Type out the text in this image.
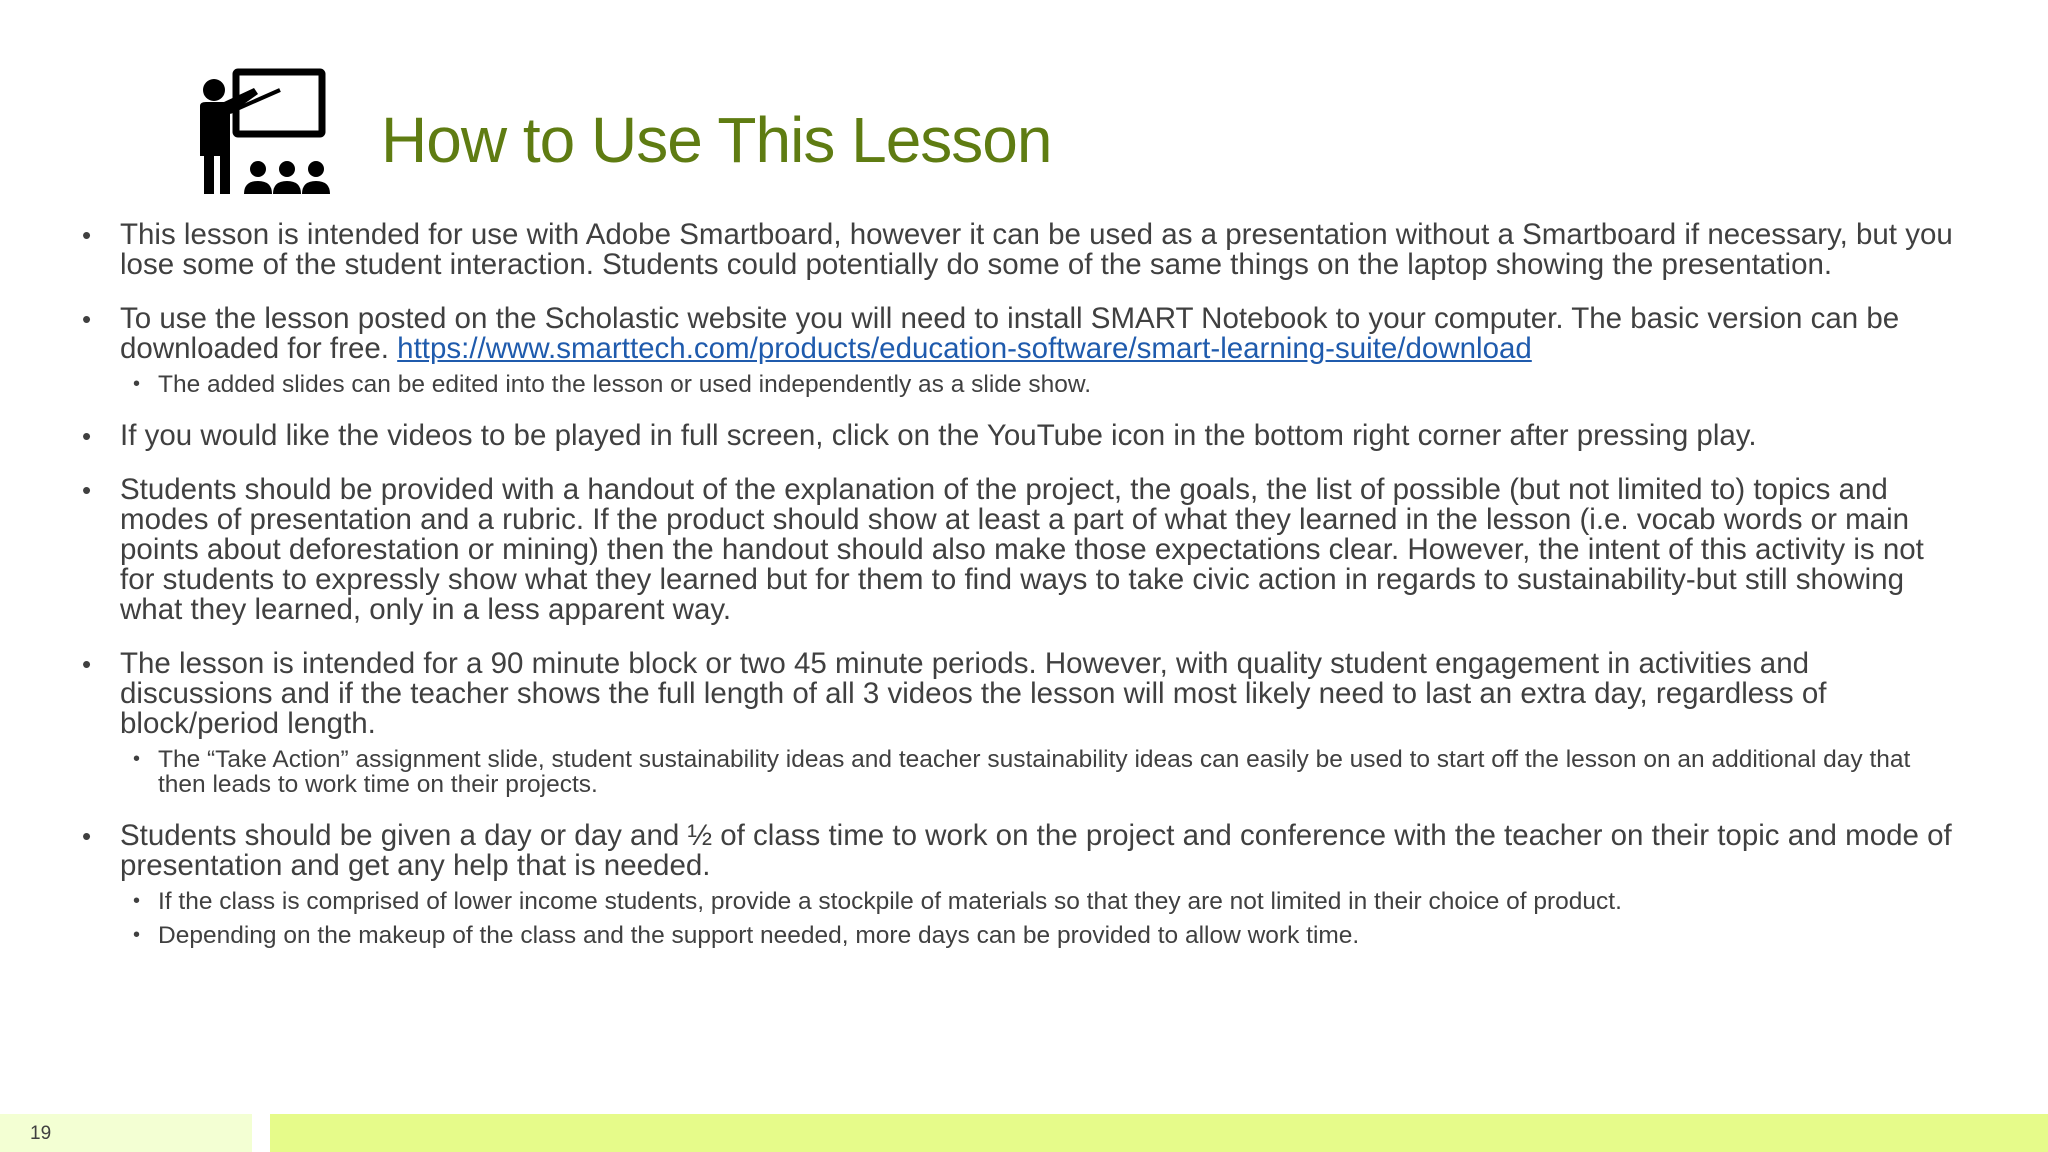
How to Use This Lesson
• This lesson is intended for use with Adobe Smartboard, however it can be used as a presentation without a Smartboard if necessary, but you lose some of the student interaction. Students could potentially do some of the same things on the laptop showing the presentation.
• To use the lesson posted on the Scholastic website you will need to install SMART Notebook to your computer. The basic version can be downloaded for free. https://www.smarttech.com/products/education-software/smart-learning-suite/download
• The added slides can be edited into the lesson or used independently as a slide show.
• If you would like the videos to be played in full screen, click on the YouTube icon in the bottom right corner after pressing play.
• Students should be provided with a handout of the explanation of the project, the goals, the list of possible (but not limited to) topics and modes of presentation and a rubric. If the product should show at least a part of what they learned in the lesson (i.e. vocab words or main points about deforestation or mining) then the handout should also make those expectations clear. However, the intent of this activity is not for students to expressly show what they learned but for them to find ways to take civic action in regards to sustainability-but still showing what they learned, only in a less apparent way.
• The lesson is intended for a 90 minute block or two 45 minute periods. However, with quality student engagement in activities and discussions and if the teacher shows the full length of all 3 videos the lesson will most likely need to last an extra day, regardless of block/period length.
• The “Take Action” assignment slide, student sustainability ideas and teacher sustainability ideas can easily be used to start off the lesson on an additional day that then leads to work time on their projects.
• Students should be given a day or day and ½ of class time to work on the project and conference with the teacher on their topic and mode of presentation and get any help that is needed.
• If the class is comprised of lower income students, provide a stockpile of materials so that they are not limited in their choice of product.
• Depending on the makeup of the class and the support needed, more days can be provided to allow work time.
19
